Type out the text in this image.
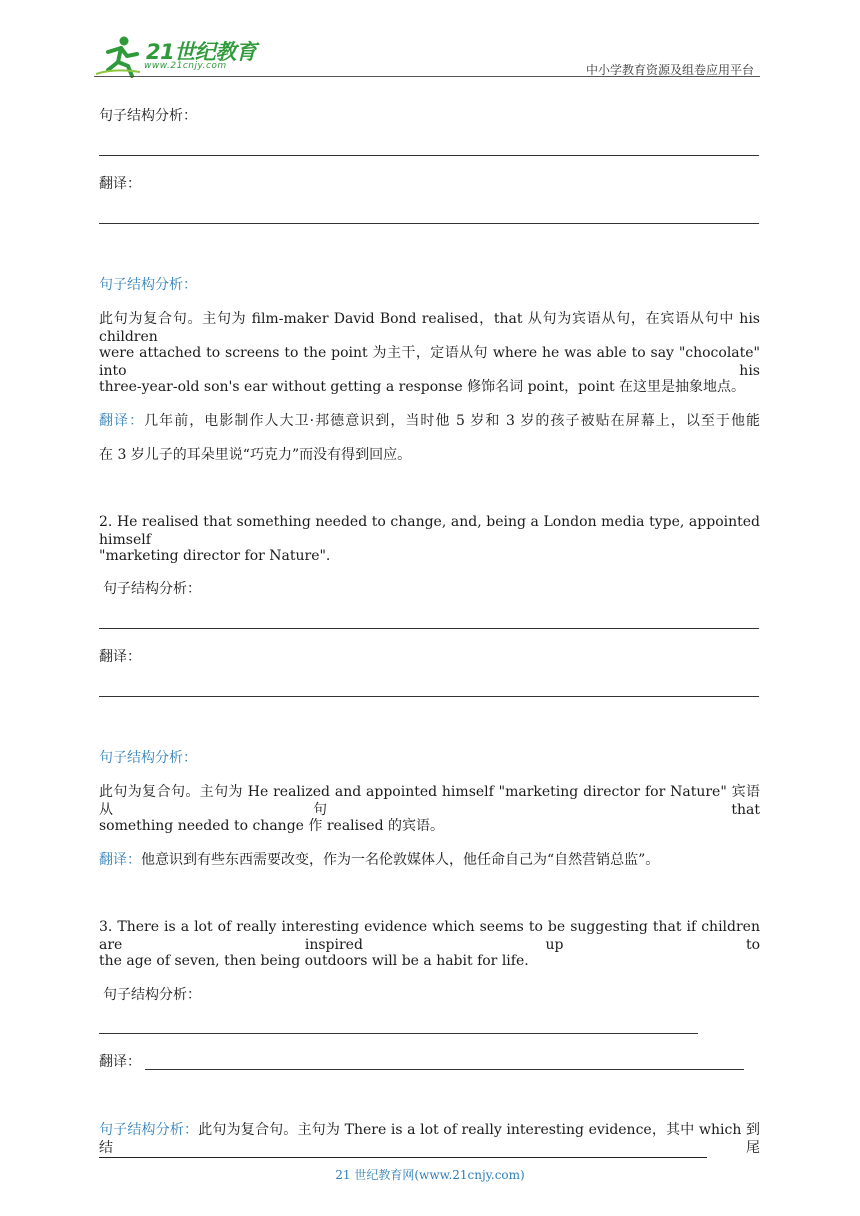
21世纪教育
www.21cnjy.com	中小学教育资源及组卷应用平台
句子结构分析：
翻译：
句子结构分析：
此句为复合句。主句为 film-maker David Bond realised，that 从句为宾语从句，在宾语从句中 his children
were attached to screens to the point 为主干，定语从句 where he was able to say "chocolate" into his
three-year-old son's ear without getting a response 修饰名词 point，point 在这里是抽象地点。
翻译：几年前，电影制作人大卫·邦德意识到，当时他 5 岁和 3 岁的孩子被贴在屏幕上，以至于他能
在 3 岁儿子的耳朵里说“巧克力”而没有得到回应。
2. He realised that something needed to change, and, being a London media type, appointed himself
"marketing director for Nature".
句子结构分析：
翻译：
句子结构分析：
此句为复合句。主句为 He realized and appointed himself "marketing director for Nature" 宾语从句 that
something needed to change 作 realised 的宾语。
翻译：他意识到有些东西需要改变，作为一名伦敦媒体人，他任命自己为“自然营销总监”。
3. There is a lot of really interesting evidence which seems to be suggesting that if children are inspired up to
the age of seven, then being outdoors will be a habit for life.
句子结构分析：
翻译：
句子结构分析：此句为复合句。主句为 There is a lot of really interesting evidence，其中 which 到结尾
21 世纪教育网(www.21cnjy.com)
